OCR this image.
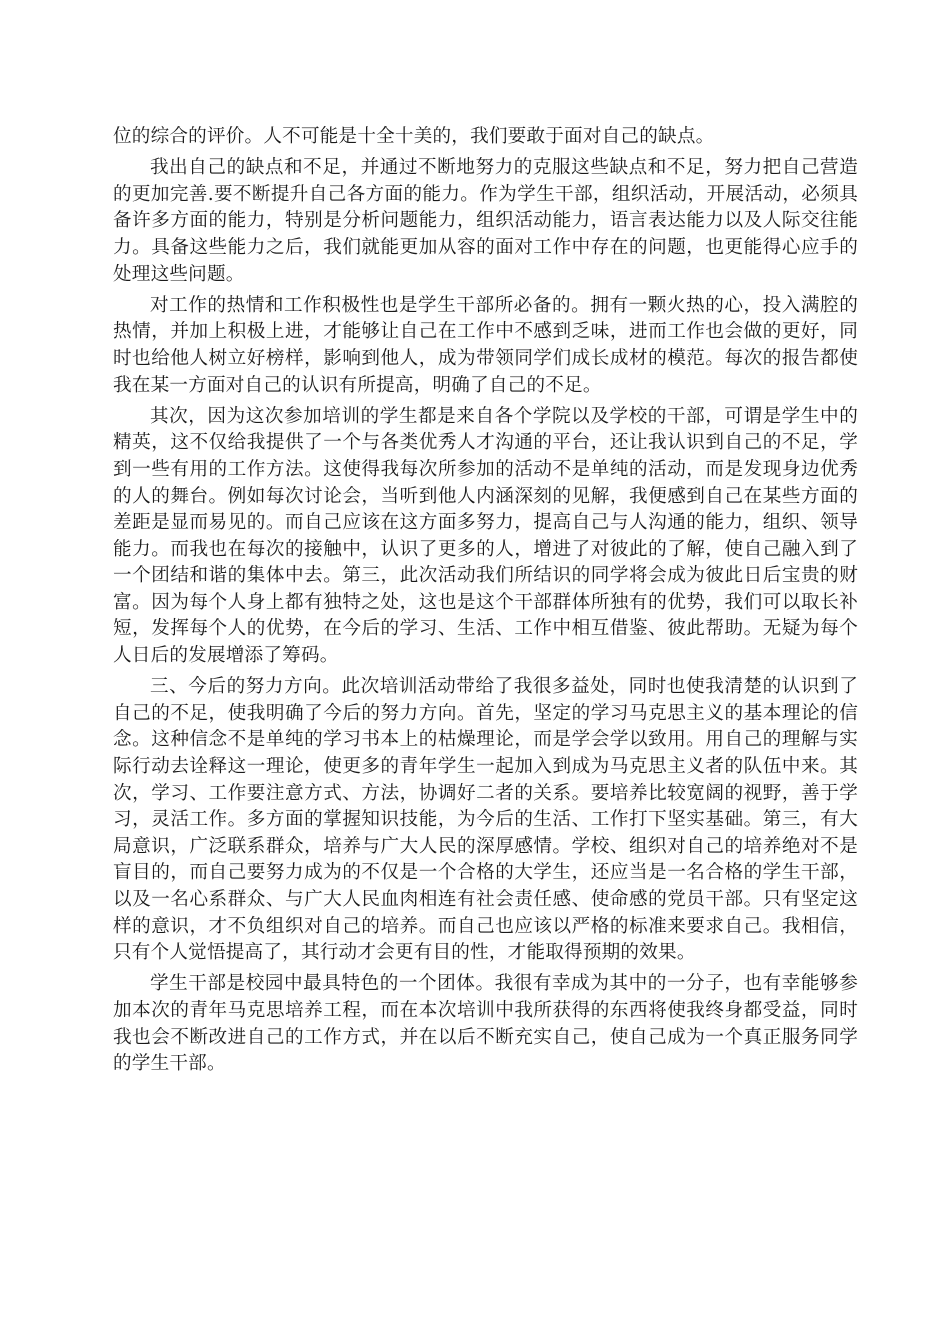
位的综合的评价。人不可能是十全十美的，我们要敢于面对自己的缺点。

我出自己的缺点和不足，并通过不断地努力的克服这些缺点和不足，努力把自己营造的更加完善.要不断提升自己各方面的能力。作为学生干部，组织活动，开展活动，必须具备许多方面的能力，特别是分析问题能力，组织活动能力，语言表达能力以及人际交往能力。具备这些能力之后，我们就能更加从容的面对工作中存在的问题，也更能得心应手的处理这些问题。

对工作的热情和工作积极性也是学生干部所必备的。拥有一颗火热的心，投入满腔的热情，并加上积极上进，才能够让自己在工作中不感到乏味，进而工作也会做的更好，同时也给他人树立好榜样，影响到他人，成为带领同学们成长成材的模范。每次的报告都使我在某一方面对自己的认识有所提高，明确了自己的不足。

其次，因为这次参加培训的学生都是来自各个学院以及学校的干部，可谓是学生中的精英，这不仅给我提供了一个与各类优秀人才沟通的平台，还让我认识到自己的不足，学到一些有用的工作方法。这使得我每次所参加的活动不是单纯的活动，而是发现身边优秀的人的舞台。例如每次讨论会，当听到他人内涵深刻的见解，我便感到自己在某些方面的差距是显而易见的。而自己应该在这方面多努力，提高自己与人沟通的能力，组织、领导能力。而我也在每次的接触中，认识了更多的人，增进了对彼此的了解，使自己融入到了一个团结和谐的集体中去。第三，此次活动我们所结识的同学将会成为彼此日后宝贵的财富。因为每个人身上都有独特之处，这也是这个干部群体所独有的优势，我们可以取长补短，发挥每个人的优势，在今后的学习、生活、工作中相互借鉴、彼此帮助。无疑为每个人日后的发展增添了筹码。

三、今后的努力方向。此次培训活动带给了我很多益处，同时也使我清楚的认识到了自己的不足，使我明确了今后的努力方向。首先，坚定的学习马克思主义的基本理论的信念。这种信念不是单纯的学习书本上的枯燥理论，而是学会学以致用。用自己的理解与实际行动去诠释这一理论，使更多的青年学生一起加入到成为马克思主义者的队伍中来。其次，学习、工作要注意方式、方法，协调好二者的关系。要培养比较宽阔的视野，善于学习，灵活工作。多方面的掌握知识技能，为今后的生活、工作打下坚实基础。第三，有大局意识，广泛联系群众，培养与广大人民的深厚感情。学校、组织对自己的培养绝对不是盲目的，而自己要努力成为的不仅是一个合格的大学生，还应当是一名合格的学生干部，以及一名心系群众、与广大人民血肉相连有社会责任感、使命感的党员干部。只有坚定这样的意识，才不负组织对自己的培养。而自己也应该以严格的标准来要求自己。我相信，只有个人觉悟提高了，其行动才会更有目的性，才能取得预期的效果。

学生干部是校园中最具特色的一个团体。我很有幸成为其中的一分子，也有幸能够参加本次的青年马克思培养工程，而在本次培训中我所获得的东西将使我终身都受益，同时我也会不断改进自己的工作方式，并在以后不断充实自己，使自己成为一个真正服务同学的学生干部。
